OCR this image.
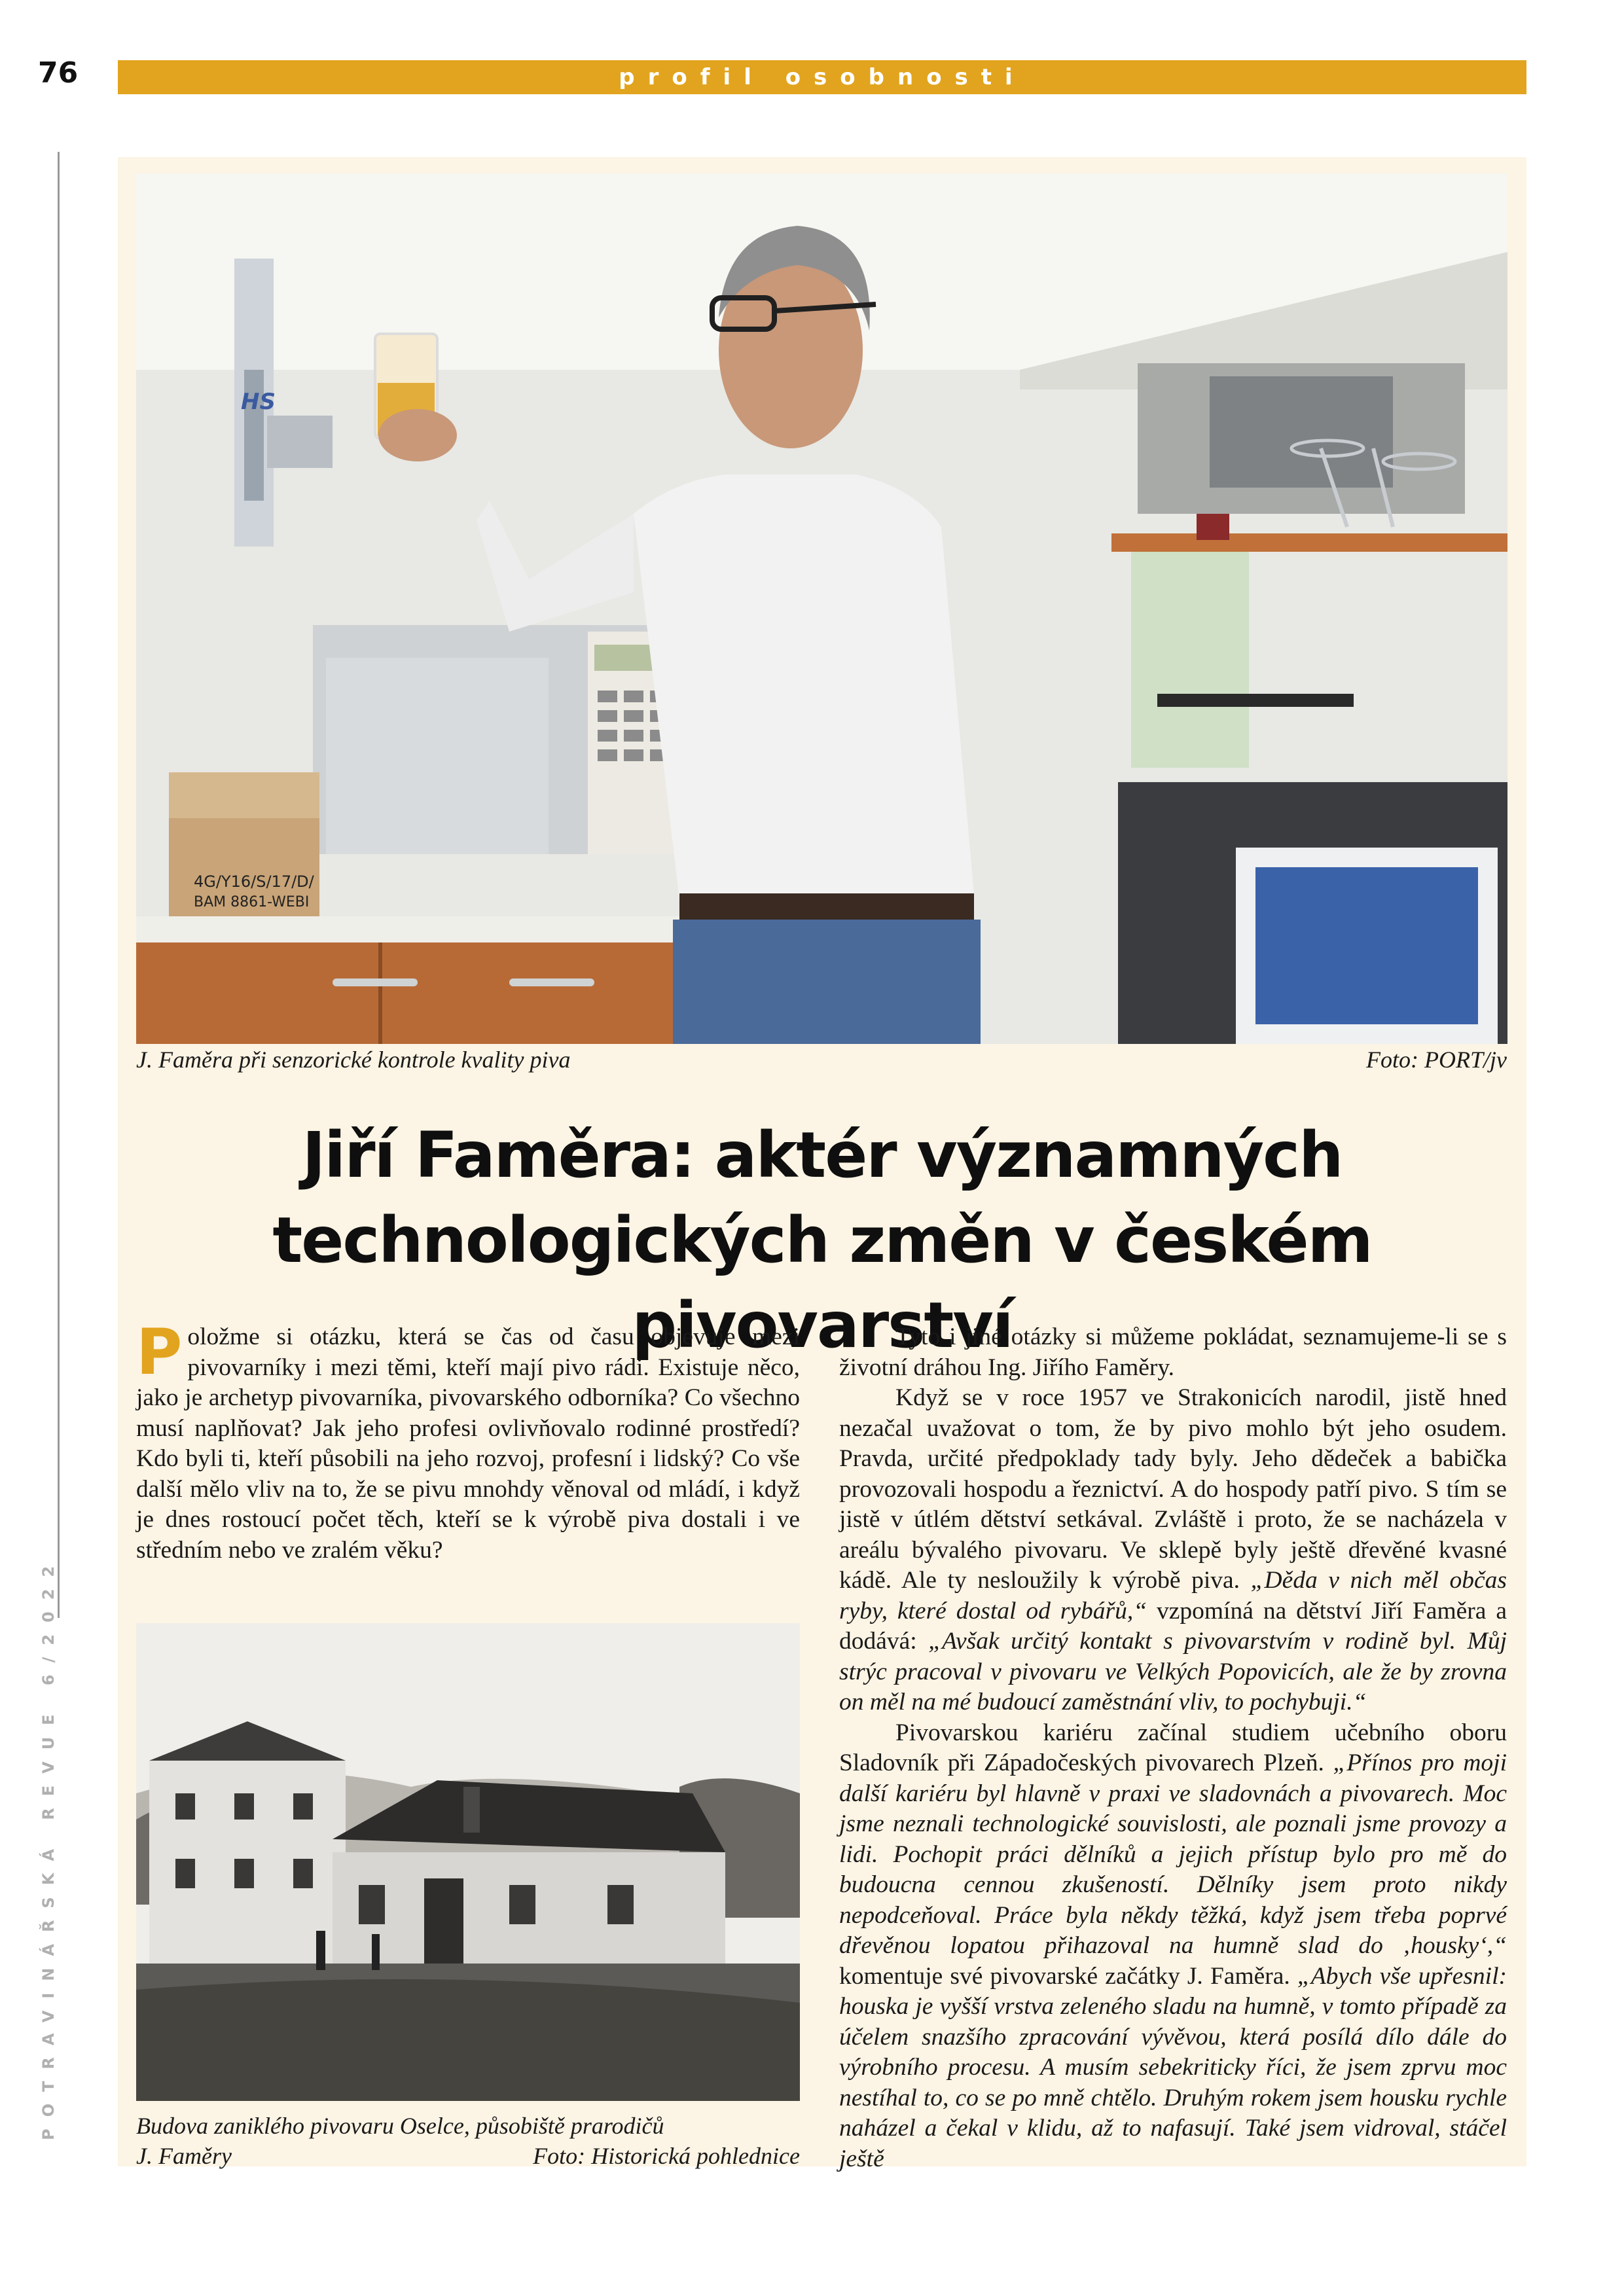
76	profil osobnosti
POTRAVINÁŘSKÁ REVUE 6/2022
HS
4G/Y16/S/17/D/
BAM 8861-WEBI
J. Faměra při senzorické kontrole kvality piva	Foto: PORT/jv
Jiří Faměra: aktér významných
technologických změn v českém pivovarství

Položme si otázku, která se čas od času objevuje mezi pivovarníky i mezi těmi, kteří mají pivo rádi. Existuje něco, jako je archetyp pivovarníka, pivovarského odborníka? Co všechno musí naplňovat? Jak jeho profesi ovlivňovalo rodinné prostředí? Kdo byli ti, kteří působili na jeho rozvoj, profesní i lidský? Co vše další mělo vliv na to, že se pivu mnohdy věnoval od mládí, i když je dnes rostoucí počet těch, kteří se k výrobě piva dostali i ve středním nebo ve zralém věku?

Budova zaniklého pivovaru Oselce, působiště prarodičů
J. Faměry	Foto: Historická pohlednice

Tyto i jiné otázky si můžeme pokládat, seznamujeme-li se s životní dráhou Ing. Jiřího Faměry.

Když se v roce 1957 ve Strakonicích narodil, jistě hned nezačal uvažovat o tom, že by pivo mohlo být jeho osudem. Pravda, určité předpoklady tady byly. Jeho dědeček a babička provozovali hospodu a řeznictví. A do hospody patří pivo. S tím se jistě v útlém dětství setkával. Zvláště i proto, že se nacházela v areálu bývalého pivovaru. Ve sklepě byly ještě dřevěné kvasné kádě. Ale ty nesloužily k výrobě piva. „Děda v nich měl občas ryby, které dostal od rybářů,“ vzpomíná na dětství Jiří Faměra a dodává: „Avšak určitý kontakt s pivovarstvím v rodině byl. Můj strýc pracoval v pivovaru ve Velkých Popovicích, ale že by zrovna on měl na mé budoucí zaměstnání vliv, to pochybuji.“

Pivovarskou kariéru začínal studiem učebního oboru Sladovník při Západočeských pivovarech Plzeň. „Přínos pro moji další kariéru byl hlavně v praxi ve sladovnách a pivovarech. Moc jsme neznali technologické souvislosti, ale poznali jsme provozy a lidi. Pochopit práci dělníků a jejich přístup bylo pro mě do budoucna cennou zkušeností. Dělníky jsem proto nikdy nepodceňoval. Práce byla někdy těžká, když jsem třeba poprvé dřevěnou lopatou přihazoval na humně slad do ‚housky‘,“ komentuje své pivovarské začátky J. Faměra. „Abych vše upřesnil: houska je vyšší vrstva zeleného sladu na humně, v tomto případě za účelem snazšího zpracování vývěvou, která posílá dílo dále do výrobního procesu. A musím sebekriticky říci, že jsem zprvu moc nestíhal to, co se po mně chtělo. Druhým rokem jsem housku rychle naházel a čekal v klidu, až to nafasují. Také jsem vidroval, stáčel ještě
